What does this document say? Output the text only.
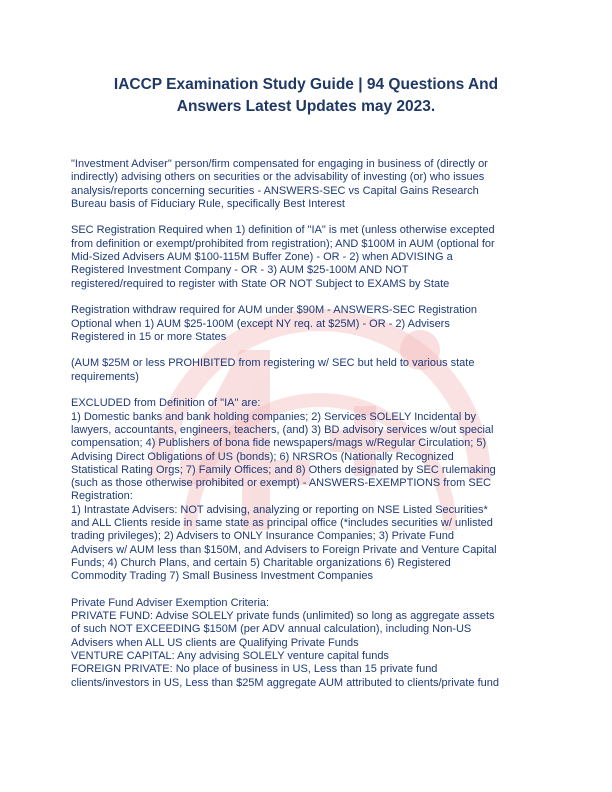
IACCP Examination Study Guide | 94 Questions And
Answers Latest Updates may 2023.
"Investment Adviser" person/firm compensated for engaging in business of (directly or
indirectly) advising others on securities or the advisability of investing (or) who issues
analysis/reports concerning securities - ANSWERS-SEC vs Capital Gains Research
Bureau basis of Fiduciary Rule, specifically Best Interest
SEC Registration Required when 1) definition of "IA" is met (unless otherwise excepted
from definition or exempt/prohibited from registration); AND $100M in AUM (optional for
Mid-Sized Advisers AUM $100-115M Buffer Zone) - OR - 2) when ADVISING a
Registered Investment Company - OR - 3) AUM $25-100M AND NOT
registered/required to register with State OR NOT Subject to EXAMS by State
Registration withdraw required for AUM under $90M - ANSWERS-SEC Registration
Optional when 1) AUM $25-100M (except NY req. at $25M) - OR - 2) Advisers
Registered in 15 or more States
(AUM $25M or less PROHIBITED from registering w/ SEC but held to various state
requirements)
EXCLUDED from Definition of "IA" are:
1) Domestic banks and bank holding companies; 2) Services SOLELY Incidental by
lawyers, accountants, engineers, teachers, (and) 3) BD advisory services w/out special
compensation; 4) Publishers of bona fide newspapers/mags w/Regular Circulation; 5)
Advising Direct Obligations of US (bonds); 6) NRSROs (Nationally Recognized
Statistical Rating Orgs; 7) Family Offices; and 8) Others designated by SEC rulemaking
(such as those otherwise prohibited or exempt) - ANSWERS-EXEMPTIONS from SEC
Registration:
1) Intrastate Advisers: NOT advising, analyzing or reporting on NSE Listed Securities*
and ALL Clients reside in same state as principal office (*includes securities w/ unlisted
trading privileges); 2) Advisers to ONLY Insurance Companies; 3) Private Fund
Advisers w/ AUM less than $150M, and Advisers to Foreign Private and Venture Capital
Funds; 4) Church Plans, and certain 5) Charitable organizations 6) Registered
Commodity Trading 7) Small Business Investment Companies
Private Fund Adviser Exemption Criteria:
PRIVATE FUND: Advise SOLELY private funds (unlimited) so long as aggregate assets
of such NOT EXCEEDING $150M (per ADV annual calculation), including Non-US
Advisers when ALL US clients are Qualifying Private Funds
VENTURE CAPITAL: Any advising SOLELY venture capital funds
FOREIGN PRIVATE: No place of business in US, Less than 15 private fund
clients/investors in US, Less than $25M aggregate AUM attributed to clients/private fund
